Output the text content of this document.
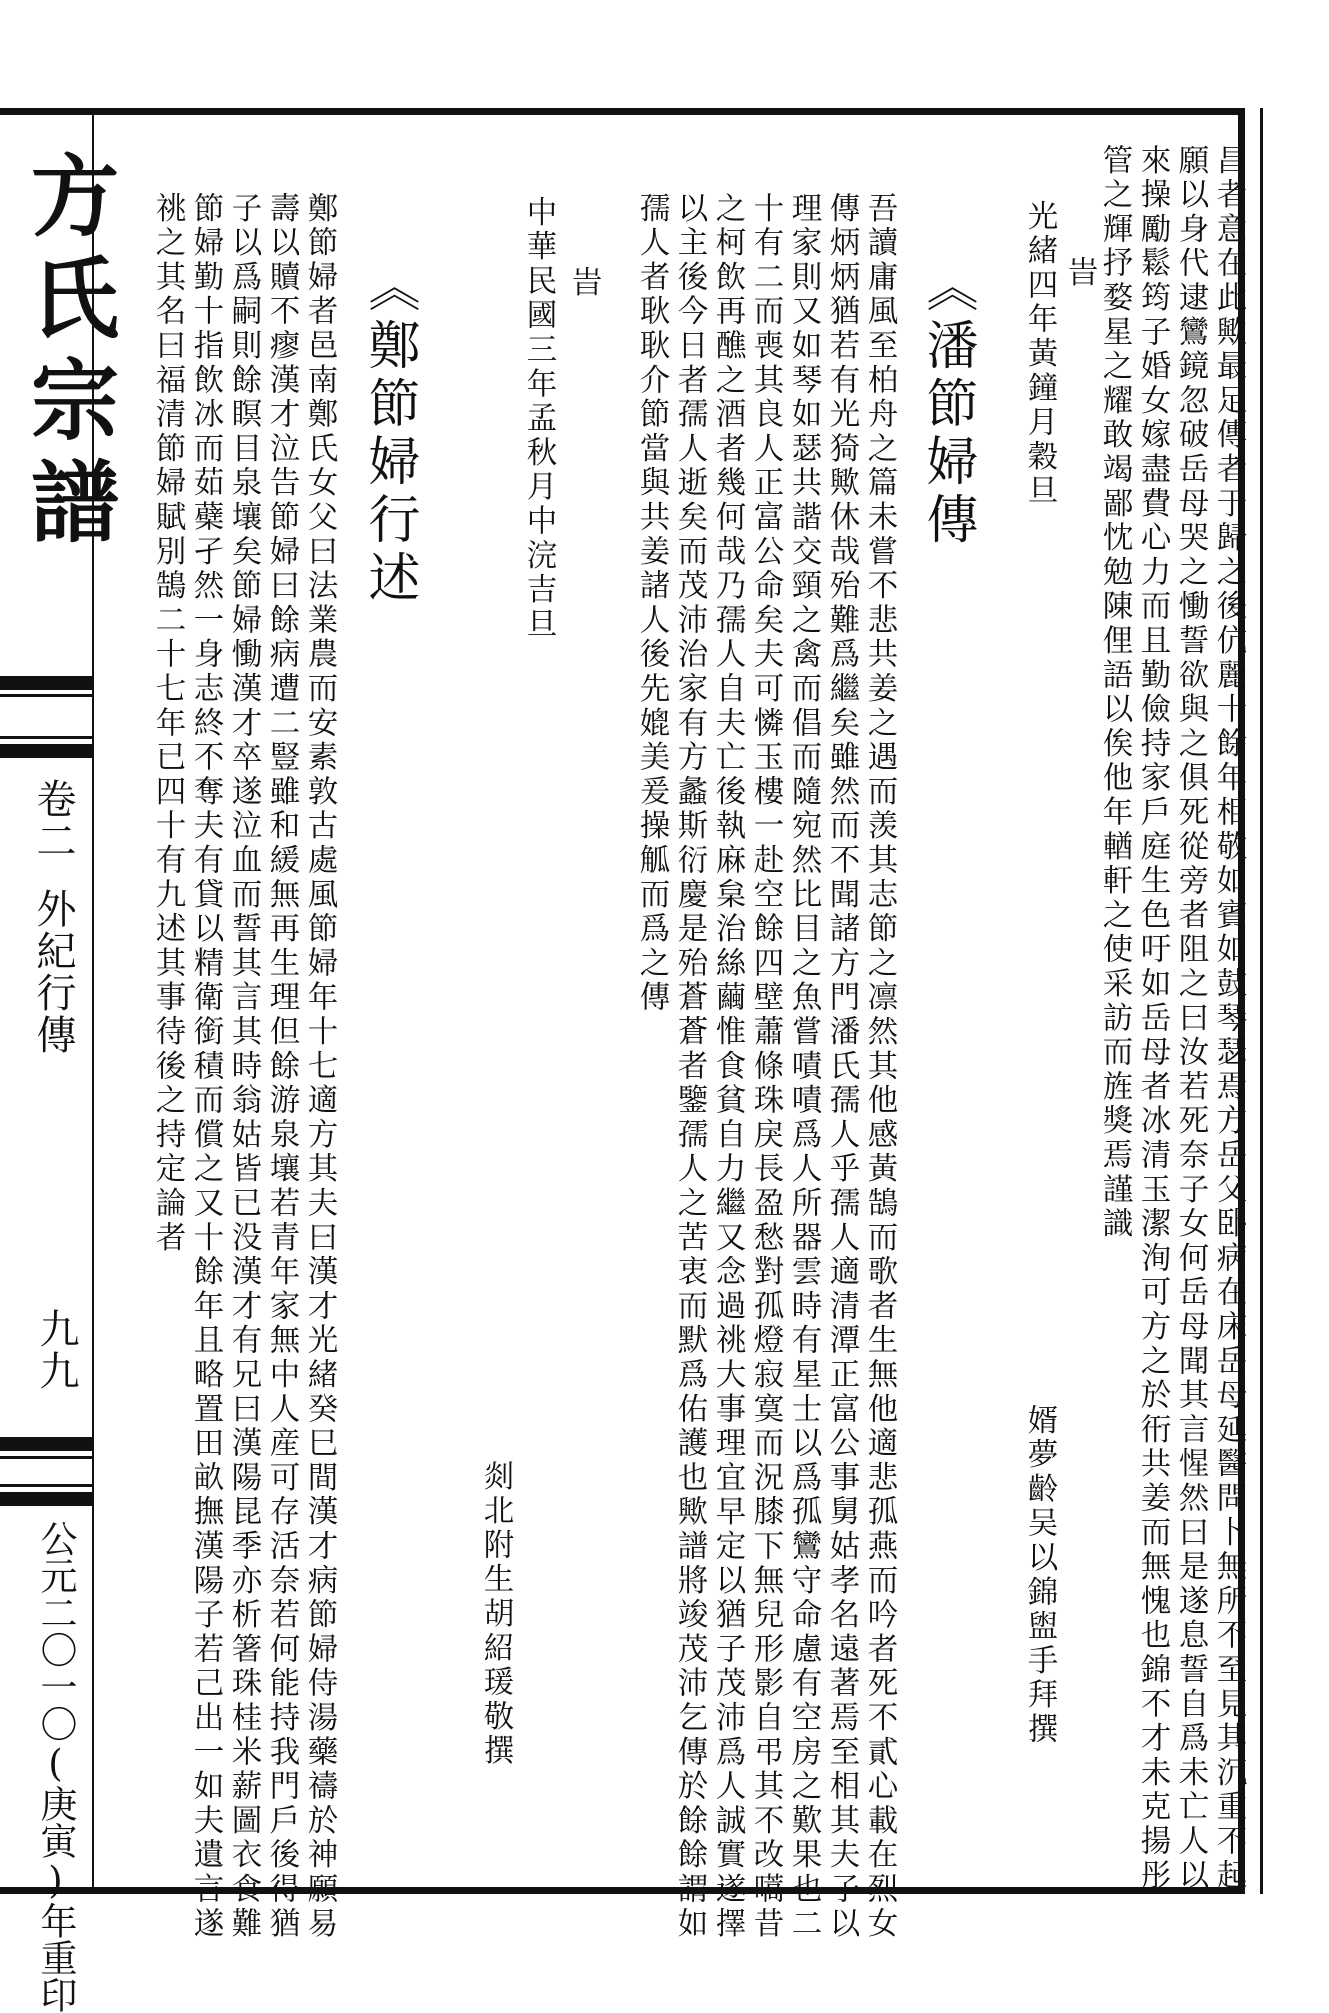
方氏宗譜
卷二
外紀行傳
九九
公元二〇一〇(庚寅)年重印	昌者意在此歟最足傳者于歸之後伉麗十餘年相敬如賓如鼓琴瑟焉方岳父卧病在床岳母延醫問卜無所不至見其沉重不起
願以身代逮鸞鏡忽破岳母哭之慟誓欲與之俱死從旁者阻之曰汝若死奈子女何岳母聞其言惺然曰是遂息誓自爲未亡人以
來操勵鬆筠子婚女嫁盡費心力而且勤儉持家戶庭生色吁如岳母者冰清玉潔洵可方之於衎共姜而無愧也錦不才未克揚彤
管之輝抒婺星之耀敢竭鄙忱勉陳俚語以俟他年輶軒之使采訪而旌獎焉謹識
旹
光緒四年黃鐘月穀旦
婿夢齡吴以錦盥手拜撰
《潘節婦傳
吾讀庸風至柏舟之篇未嘗不悲共姜之遇而羡其志節之凛然其他感黃鵠而歌者生無他適悲孤燕而吟者死不貳心載在烈女
傳炳炳猶若有光猗歟休哉殆難爲繼矣雖然而不聞諸方門潘氏孺人乎孺人適清潭正富公事舅姑孝名遠著焉至相其夫子以
理家則又如琴如瑟共諧交頸之禽而倡而隨宛然比目之魚嘗嘖嘖爲人所器雲時有星士以爲孤鸞守命慮有空房之歎果也二
十有二而喪其良人正富公命矣夫可憐玉樓一赴空餘四壁蕭條珠戾長盈愁對孤燈寂寞而況膝下無兒形影自弔其不改嚆昔
之柯飲再醮之酒者幾何哉乃孺人自夫亡後執麻枲治絲繭惟食貧自力繼又念過祧大事理宜早定以猶子茂沛爲人誠實遂擇
以主後今日者孺人逝矣而茂沛治家有方蠡斯衍慶是殆蒼蒼者鑒孺人之苦衷而默爲佑護也歟譜將竣茂沛乞傳於餘餘謂如
孺人者耿耿介節當與共姜諸人後先媲美爰操觚而爲之傳
旹
中華民國三年孟秋月中浣吉旦
剡北附生胡紹瑗敬撰
《鄭節婦行述
鄭節婦者邑南鄭氏女父曰法業農而安素敦古處風節婦年十七適方其夫曰漢才光緒癸巳間漢才病節婦侍湯藥禱於神願易
壽以贖不瘳漢才泣告節婦曰餘病遭二豎雖和緩無再生理但餘游泉壤若青年家無中人産可存活奈若何能持我門戶後得猶
子以爲嗣則餘瞑目泉壤矣節婦慟漢才卒遂泣血而誓其言其時翁姑皆已没漢才有兄曰漢陽昆季亦析箸珠桂米薪圖衣食難
節婦勤十指飲冰而茹蘗孑然一身志終不奪夫有貸以精衛銜積而償之又十餘年且略置田畝撫漢陽子若己出一如夫遺言遂
祧之其名曰福清節婦賦別鵠二十七年已四十有九述其事待後之持定論者
